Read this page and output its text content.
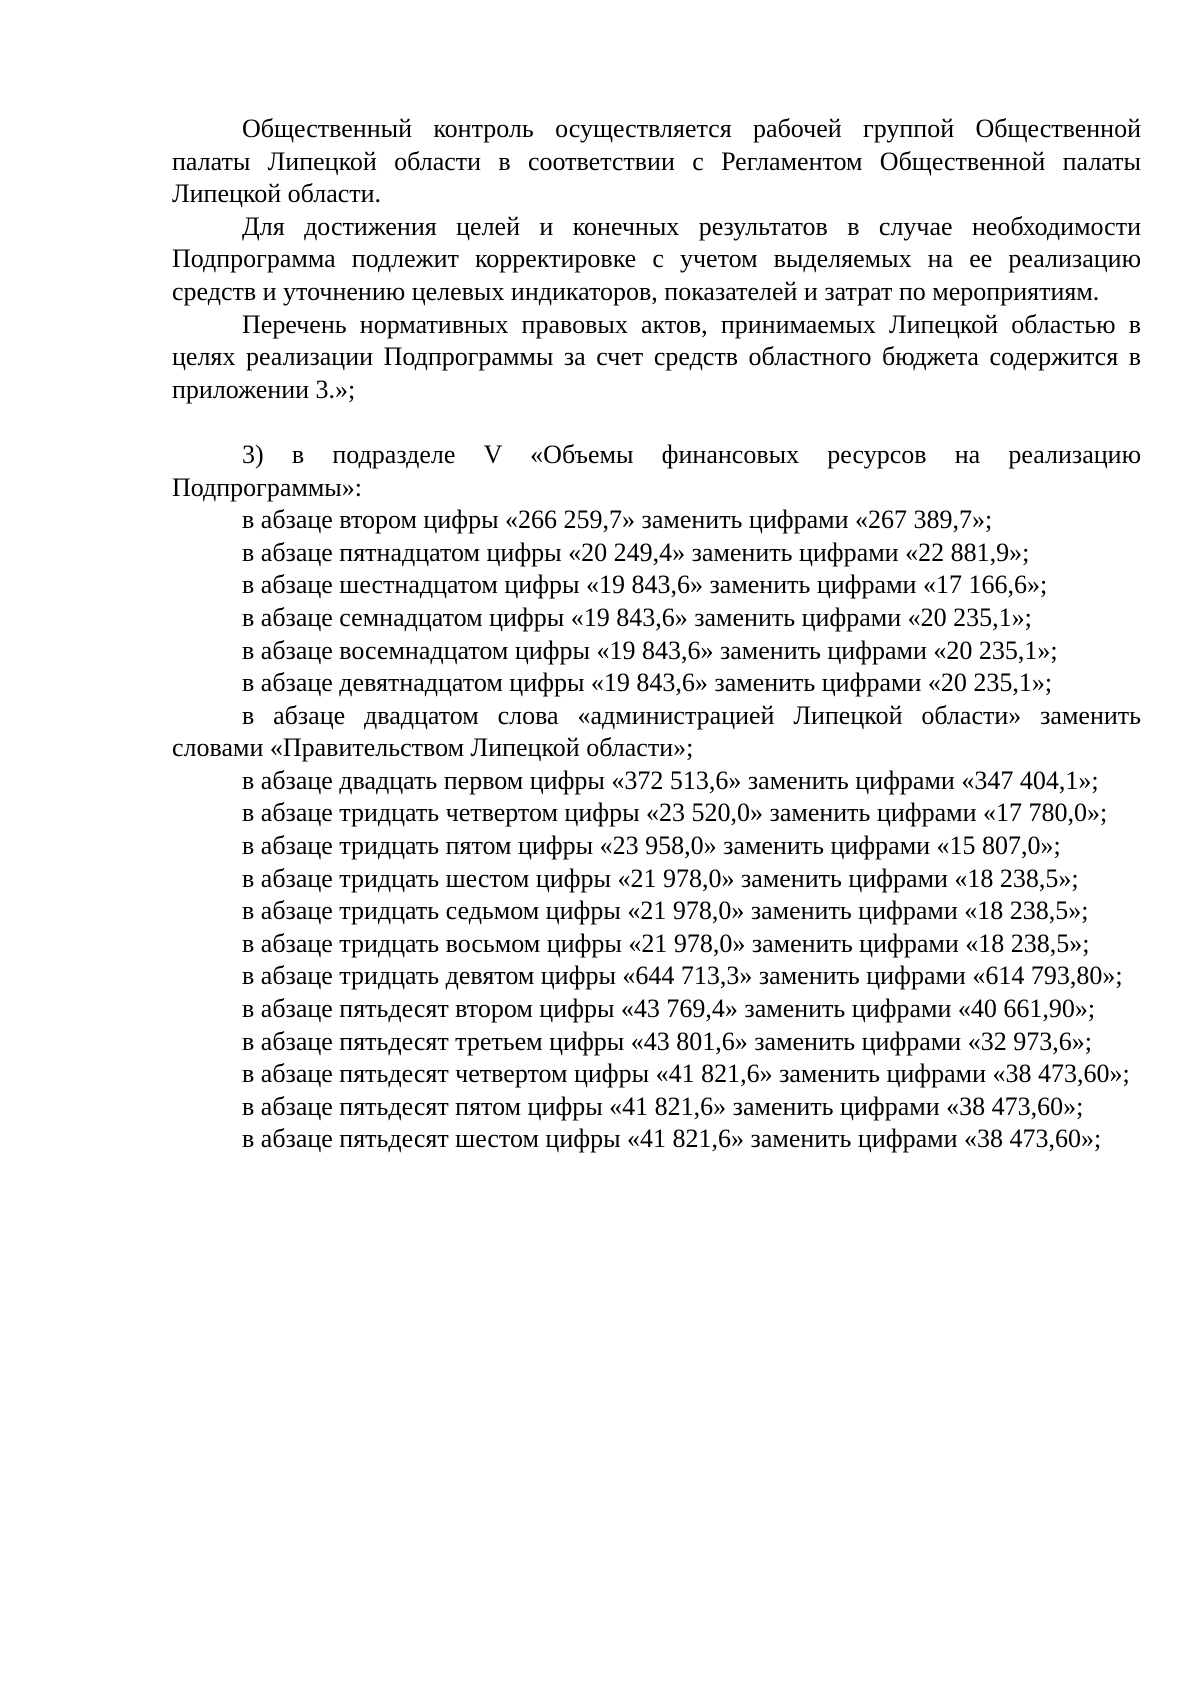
Общественный контроль осуществляется рабочей группой Общественной палаты Липецкой области в соответствии с Регламентом Общественной палаты Липецкой области.

Для достижения целей и конечных результатов в случае необходимости Подпрограмма подлежит корректировке с учетом выделяемых на ее реализацию средств и уточнению целевых индикаторов, показателей и затрат по мероприятиям.

Перечень нормативных правовых актов, принимаемых Липецкой областью в целях реализации Подпрограммы за счет средств областного бюджета содержится в приложении 3.»;

3) в подразделе V «Объемы финансовых ресурсов на реализацию Подпрограммы»:

в абзаце втором цифры «266 259,7» заменить цифрами «267 389,7»;

в абзаце пятнадцатом цифры «20 249,4» заменить цифрами «22 881,9»;

в абзаце шестнадцатом цифры «19 843,6» заменить цифрами «17 166,6»;

в абзаце семнадцатом цифры «19 843,6» заменить цифрами «20 235,1»;

в абзаце восемнадцатом цифры «19 843,6» заменить цифрами «20 235,1»;

в абзаце девятнадцатом цифры «19 843,6» заменить цифрами «20 235,1»;

в абзаце двадцатом слова «администрацией Липецкой области» заменить словами «Правительством Липецкой области»;

в абзаце двадцать первом цифры «372 513,6» заменить цифрами «347 404,1»;

в абзаце тридцать четвертом цифры «23 520,0» заменить цифрами «17 780,0»;

в абзаце тридцать пятом цифры «23 958,0» заменить цифрами «15 807,0»;

в абзаце тридцать шестом цифры «21 978,0» заменить цифрами «18 238,5»;

в абзаце тридцать седьмом цифры «21 978,0» заменить цифрами «18 238,5»;

в абзаце тридцать восьмом цифры «21 978,0» заменить цифрами «18 238,5»;

в абзаце тридцать девятом цифры «644 713,3» заменить цифрами «614 793,80»;

в абзаце пятьдесят втором цифры «43 769,4» заменить цифрами «40 661,90»;

в абзаце пятьдесят третьем цифры «43 801,6» заменить цифрами «32 973,6»;

в абзаце пятьдесят четвертом цифры «41 821,6» заменить цифрами «38 473,60»;

в абзаце пятьдесят пятом цифры «41 821,6» заменить цифрами «38 473,60»;

в абзаце пятьдесят шестом цифры «41 821,6» заменить цифрами «38 473,60»;
